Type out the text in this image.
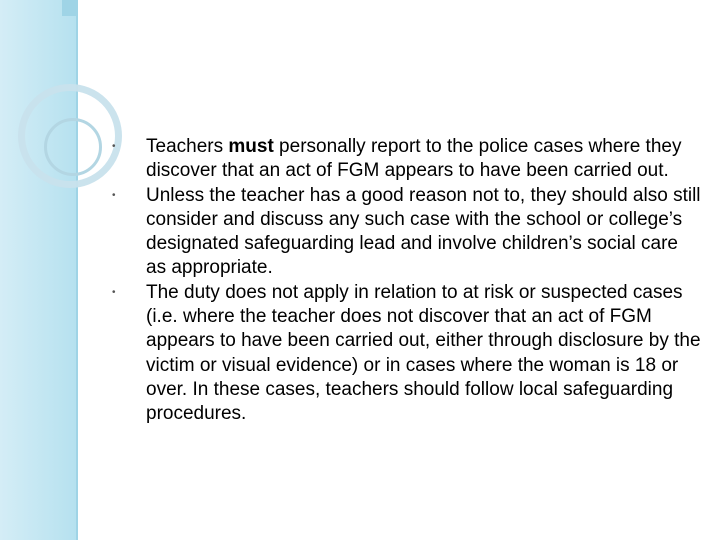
•	Teachers must personally report to the police cases where they discover that an act of FGM appears to have been carried out.
•	Unless the teacher has a good reason not to, they should also still consider and discuss any such case with the school or college’s designated safeguarding lead and involve children’s social care as appropriate.
•	The duty does not apply in relation to at risk or suspected cases (i.e. where the teacher does not discover that an act of FGM appears to have been carried out, either through disclosure by the victim or visual evidence) or in cases where the woman is 18 or over. In these cases, teachers should follow local safeguarding procedures.
